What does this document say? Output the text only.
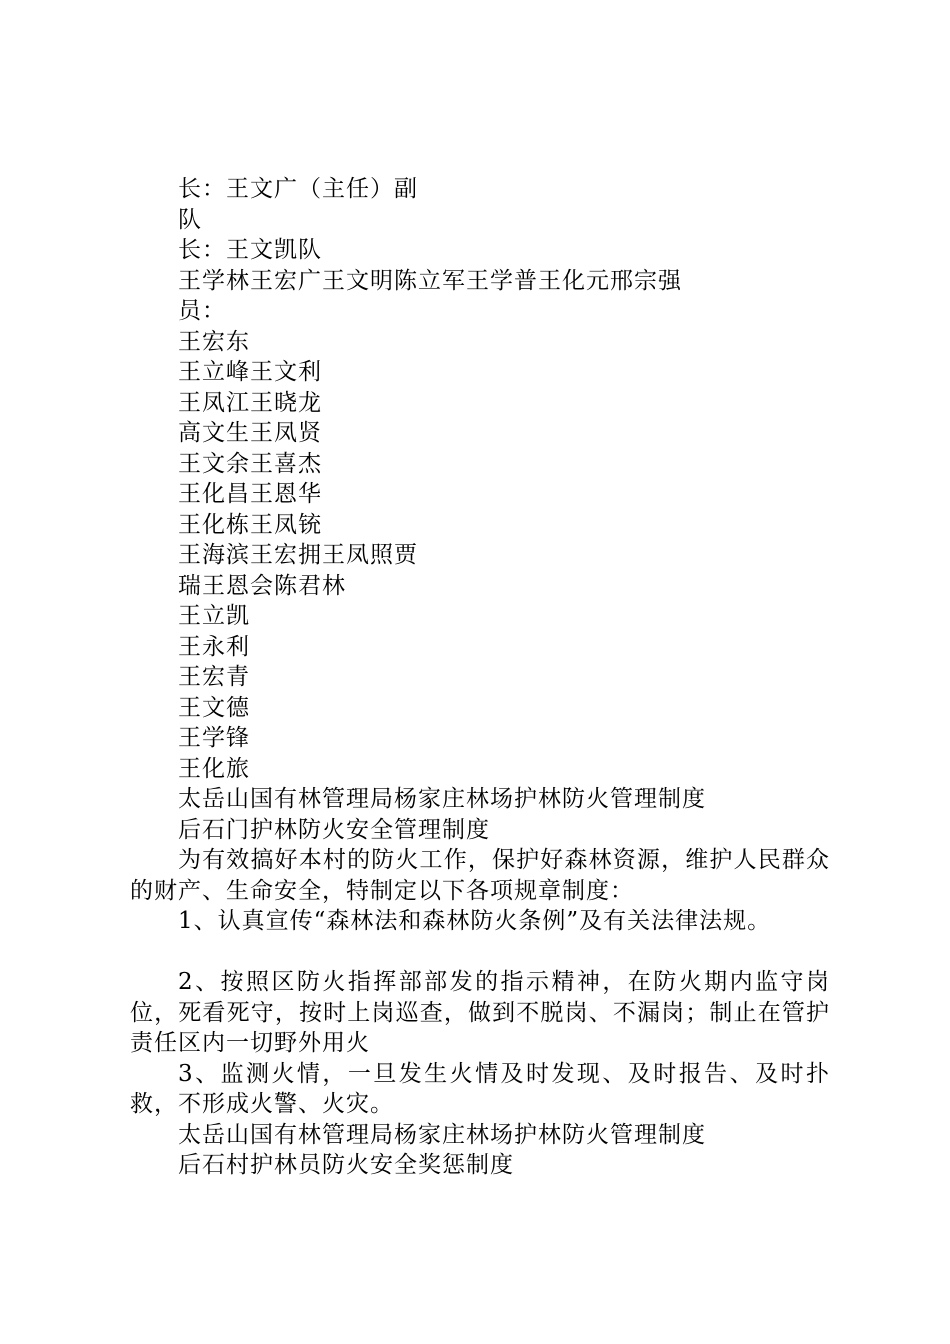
长：王文广（主任）副
队
长：王文凯队
王学林王宏广王文明陈立军王学普王化元邢宗强
员：
王宏东
王立峰王文利
王凤江王晓龙
高文生王凤贤
王文余王喜杰
王化昌王恩华
王化栋王凤铳
王海滨王宏拥王凤照贾
瑞王恩会陈君林
王立凯
王永利
王宏青
王文德
王学锋
王化旅
太岳山国有林管理局杨家庄林场护林防火管理制度
后石门护林防火安全管理制度
为有效搞好本村的防火工作，保护好森林资源，维护人民群众的财产、生命安全，特制定以下各项规章制度：
1、认真宣传“森林法和森林防火条例”及有关法律法规。
2、按照区防火指挥部部发的指示精神，在防火期内监守岗位，死看死守，按时上岗巡查，做到不脱岗、不漏岗；制止在管护责任区内一切野外用火
3、监测火情，一旦发生火情及时发现、及时报告、及时扑救，不形成火警、火灾。
太岳山国有林管理局杨家庄林场护林防火管理制度
后石村护林员防火安全奖惩制度
